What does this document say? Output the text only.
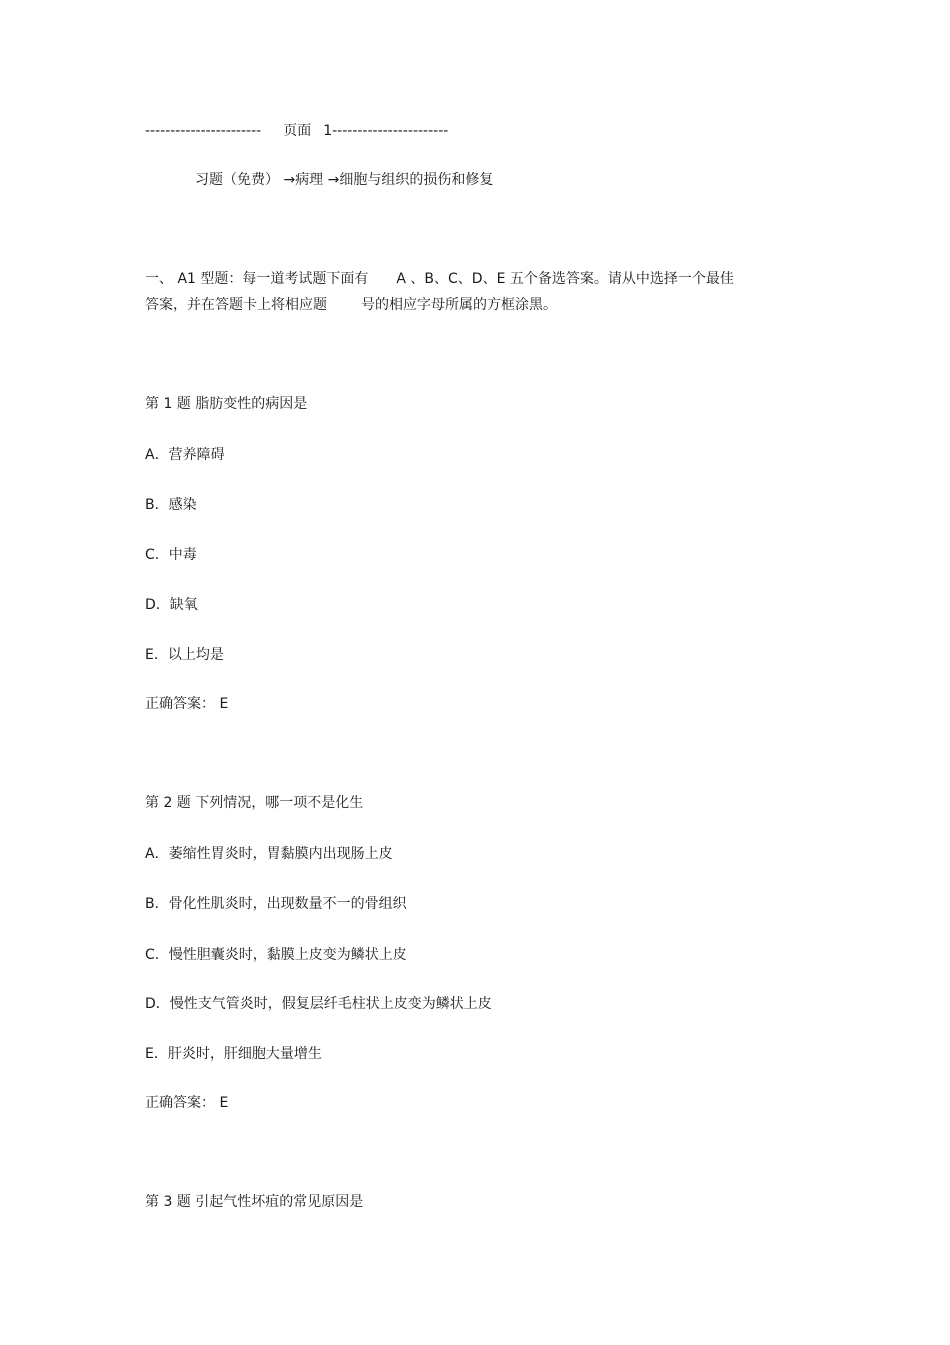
----------------------- 页面 1-----------------------
习题（免费） →病理 →细胞与组织的损伤和修复
一、 A1 型题：每一道考试题下面有 A 、B、C、D、E 五个备选答案。请从中选择一个最佳
答案，并在答题卡上将相应题 号的相应字母所属的方框涂黑。
第 1 题 脂肪变性的病因是
A．营养障碍
B．感染
C．中毒
D．缺氧
E．以上均是
正确答案： E
第 2 题 下列情况，哪一项不是化生
A．萎缩性胃炎时，胃黏膜内出现肠上皮
B．骨化性肌炎时，出现数量不一的骨组织
C．慢性胆囊炎时，黏膜上皮变为鳞状上皮
D．慢性支气管炎时，假复层纤毛柱状上皮变为鳞状上皮
E．肝炎时，肝细胞大量增生
正确答案： E
第 3 题 引起气性坏疽的常见原因是
